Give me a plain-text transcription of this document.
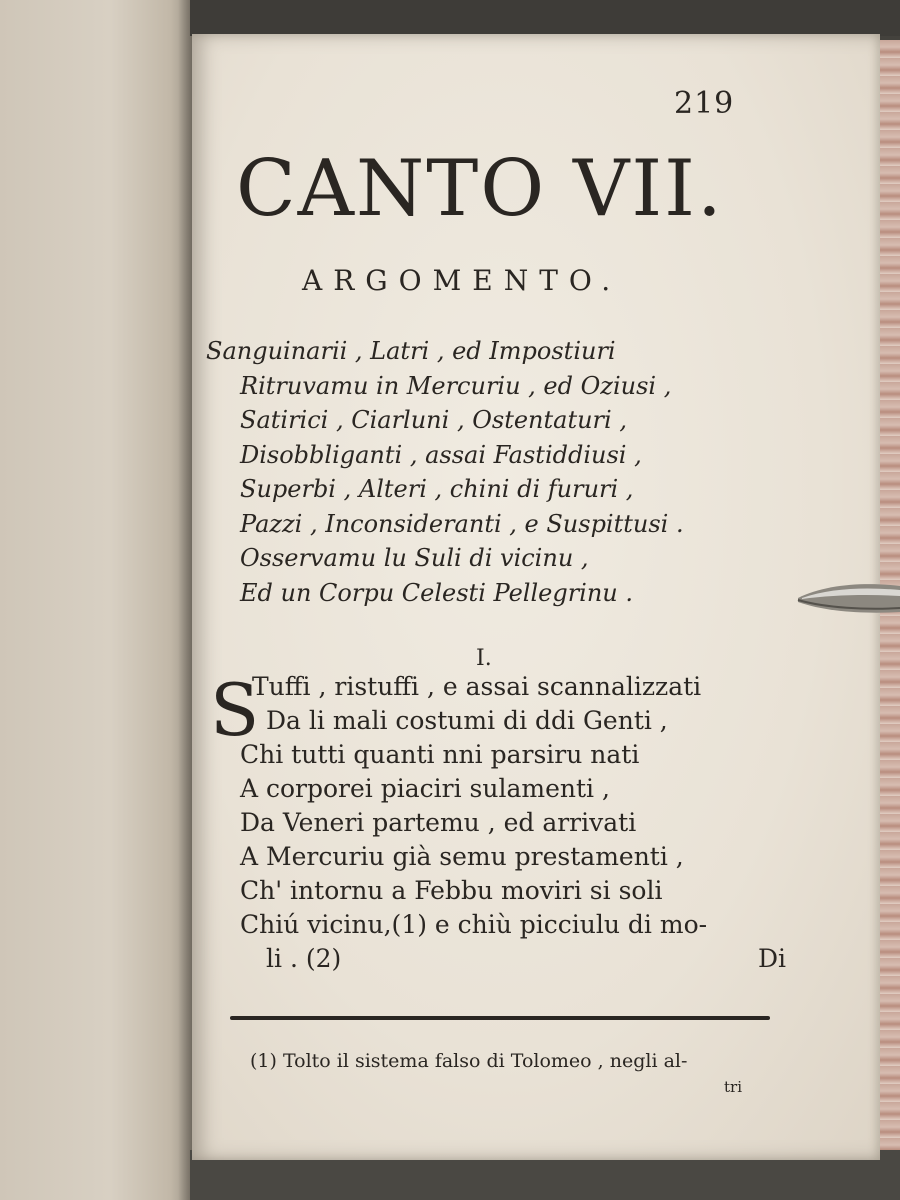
219
CANTO VII.
ARGOMENTO.
Sanguinarii , Latri , ed Impostiuri
Ritruvamu in Mercuriu , ed Oziusi ,
Satirici , Ciarluni , Ostentaturi ,
Disobbliganti , assai Fastiddiusi ,
Superbi , Alteri , chini di fururi ,
Pazzi , Inconsideranti , e Suspittusi .
Osservamu lu Suli di vicinu ,
Ed un Corpu Celesti Pellegrinu .
I.
S
Tuffi , ristuffi , e assai scannalizzati
Da li mali costumi di ddi Genti ,
Chi tutti quanti nni parsiru nati
A corporei piaciri sulamenti ,
Da Veneri partemu , ed arrivati
A Mercuriu già semu prestamenti ,
Ch' intornu a Febbu moviri si soli
Chiú vicinu,(1) e chiù picciulu di mo-
li . (2)	Di
(1) Tolto il sistema falso di Tolomeo , negli al-
tri
